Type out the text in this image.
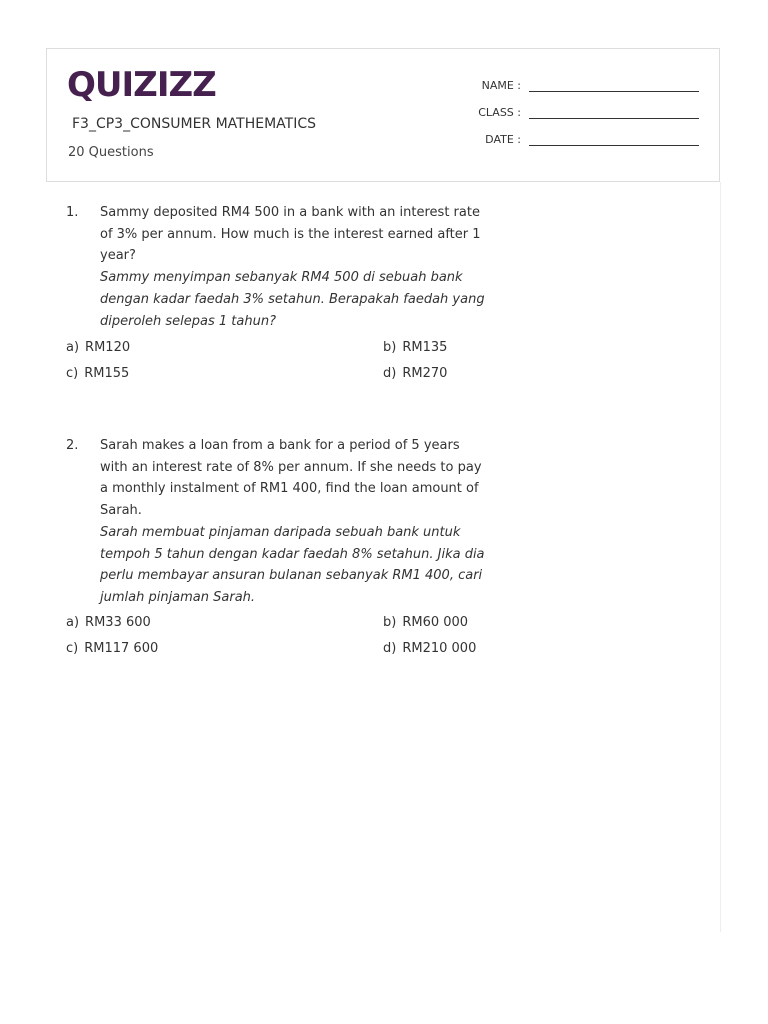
QUIZIZZ
F3_CP3_CONSUMER MATHEMATICS
20 Questions
NAME :
CLASS :
DATE :
1. Sammy deposited RM4 500 in a bank with an interest rate of 3% per annum. How much is the interest earned after 1 year?
Sammy menyimpan sebanyak RM4 500 di sebuah bank dengan kadar faedah 3% setahun. Berapakah faedah yang diperoleh selepas 1 tahun?
a) RM120	b) RM135
c) RM155	d) RM270
2. Sarah makes a loan from a bank for a period of 5 years with an interest rate of 8% per annum. If she needs to pay a monthly instalment of RM1 400, find the loan amount of Sarah.
Sarah membuat pinjaman daripada sebuah bank untuk tempoh 5 tahun dengan kadar faedah 8% setahun. Jika dia perlu membayar ansuran bulanan sebanyak RM1 400, cari jumlah pinjaman Sarah.
a) RM33 600	b) RM60 000
c) RM117 600	d) RM210 000
